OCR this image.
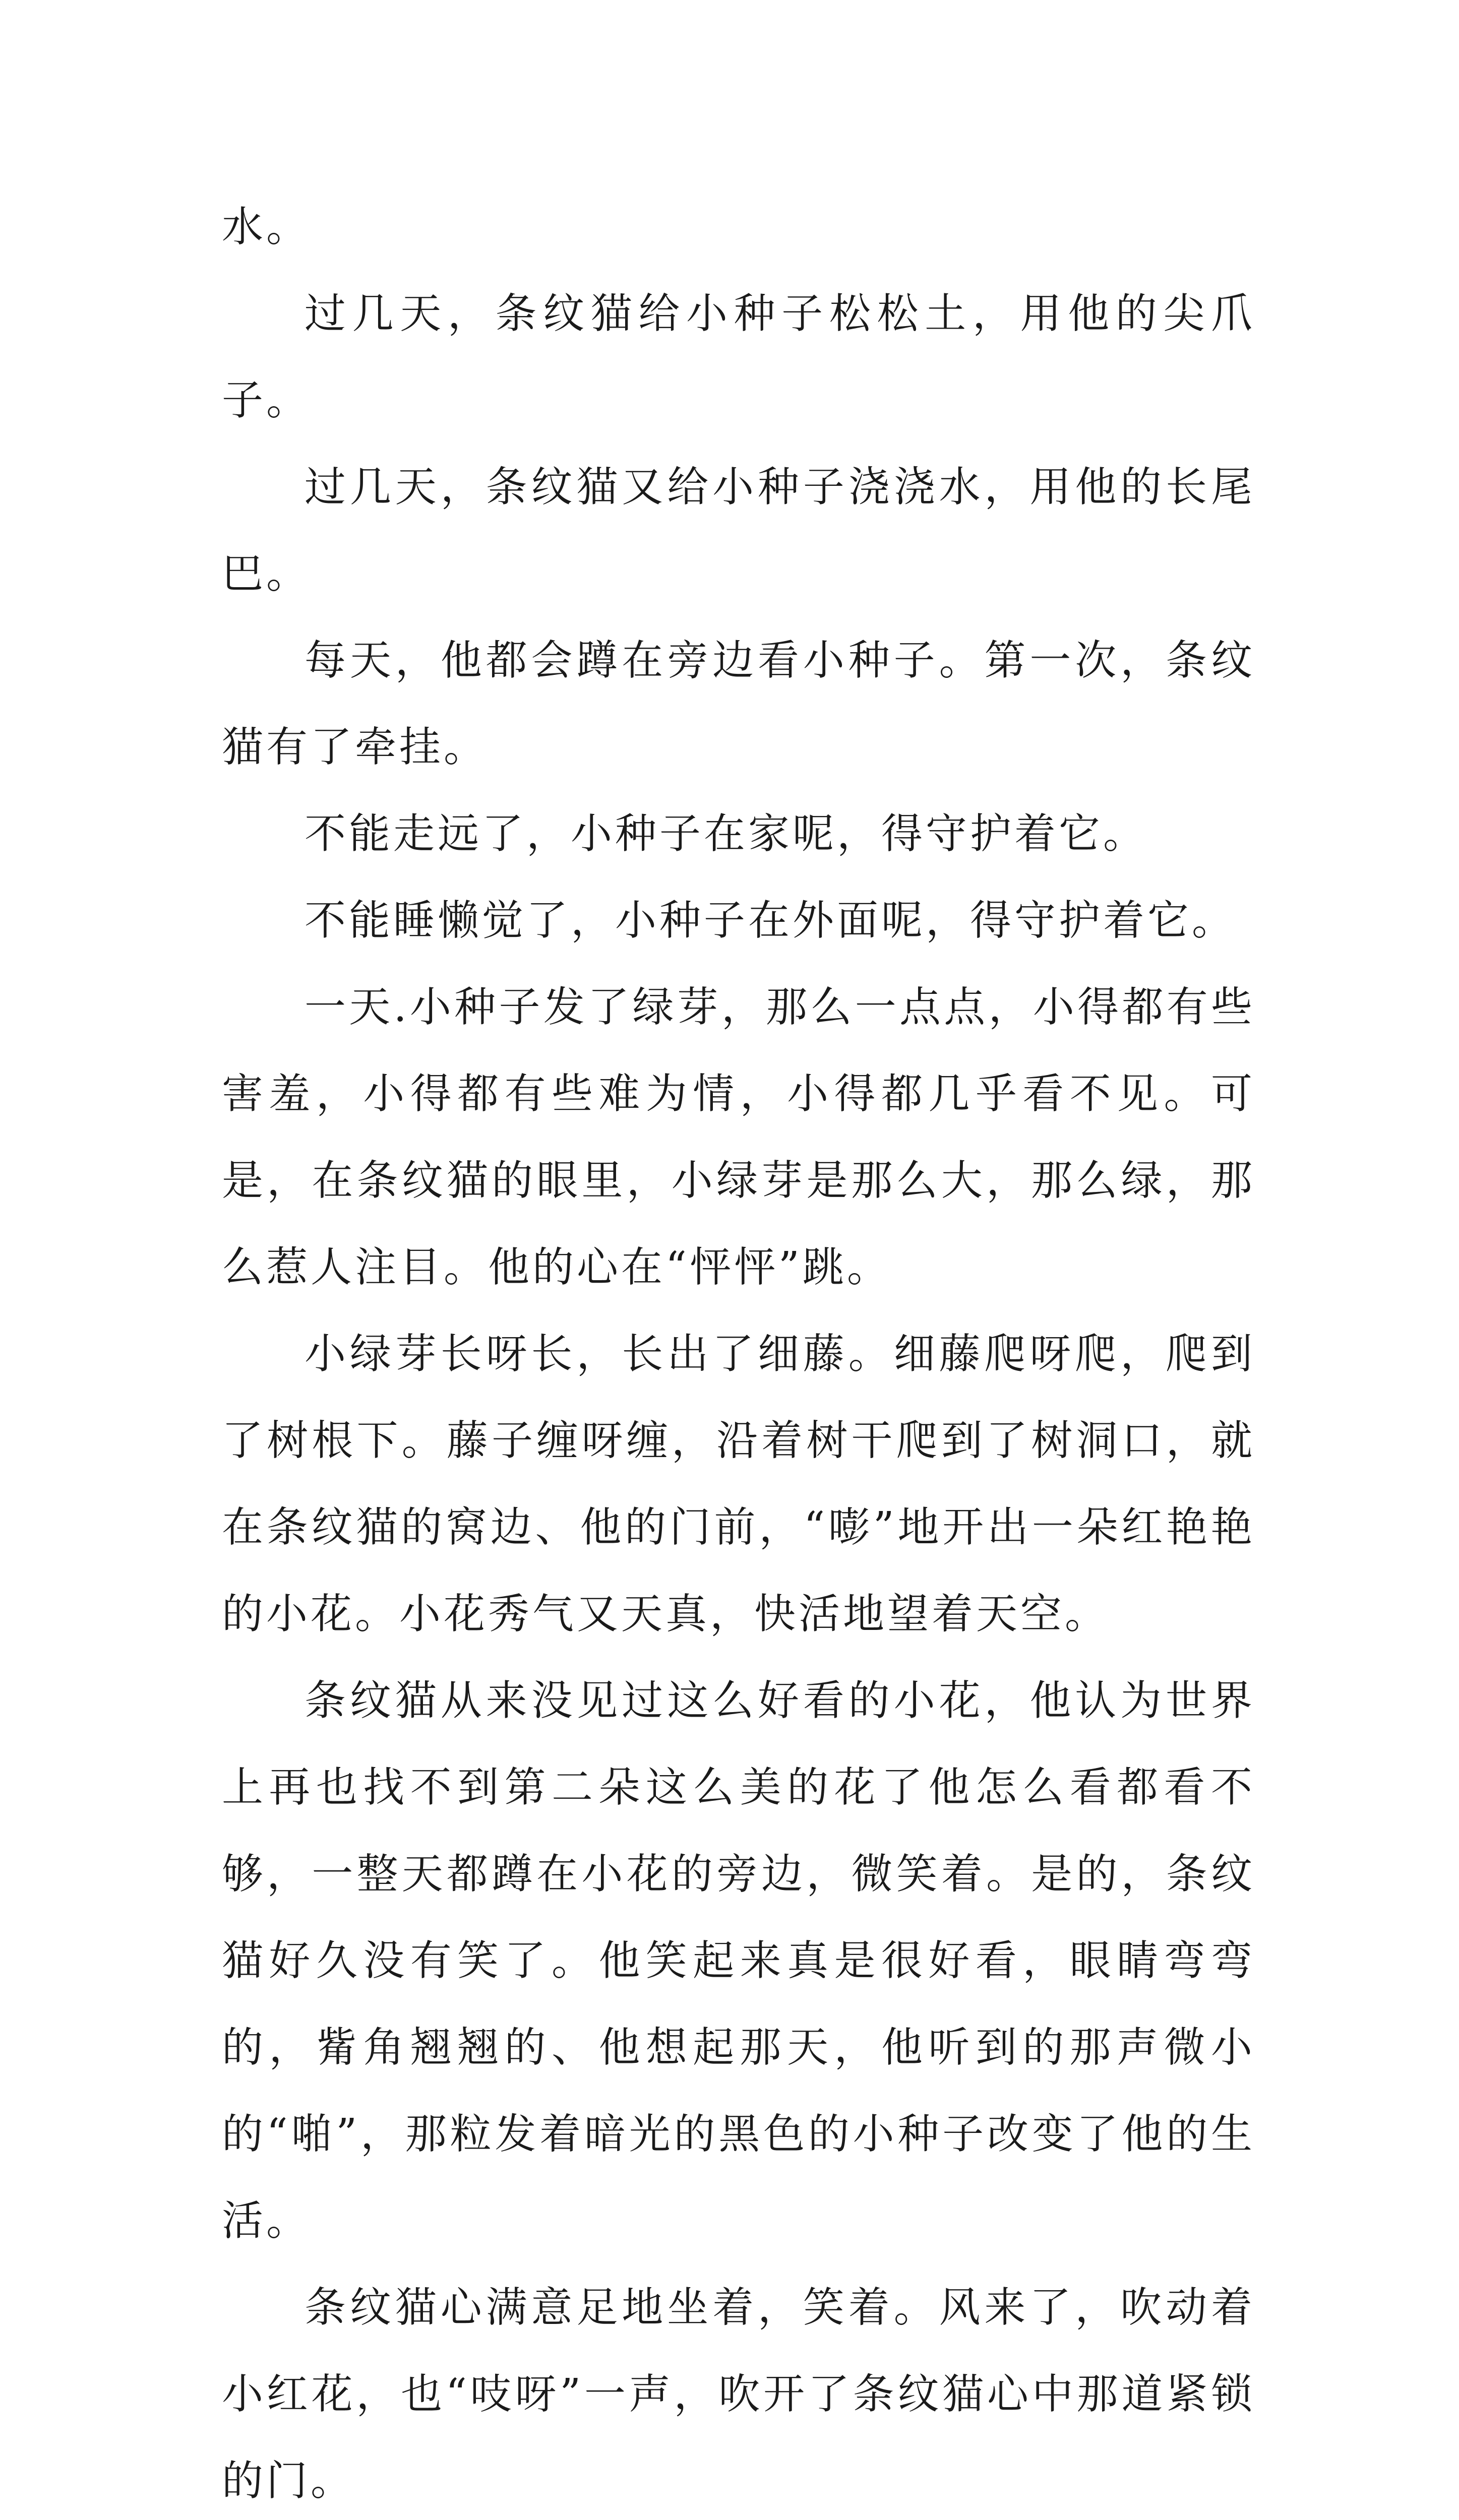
水。

过几天，条纹猫给小种子松松土，用他的尖爪子。

过几天，条纹猫又给小种子浇浇水，用他的长尾巴。

每天，他都会蹲在旁边看小种子。第一次，条纹猫有了牵挂。

不能走远了，小种子在家呢，得守护着它。

不能睡懒觉了，小种子在外面呢，得守护着它。

一天.小种子发了绿芽，那么一点点，小得都有些害羞，小得都有些难为情，小得都几乎看不见。可是，在条纹猫的眼里，小绿芽是那么大，那么绿，那么惹人注目。他的心在“怦怦”跳。

小绿芽长呀长，长出了细藤。细藤爬呀爬，爬到了树根下。藤子缠呀缠，沿着树干爬到了树洞口，就在条纹猫的窝边、他的门前，“嘭”地开出一朵红艳艳的小花。小花秀气又天真，快活地望着天空。

条纹猫从来没见过这么好看的小花，他认为世界上再也找不到第二朵这么美的花了他怎么看都看不够，一整天都蹲在小花的旁边，微笑着。是的，条纹猫好久没有笑了。他笑起来真是很好看，眼睛弯弯的，觜角翘翘的、他想起那天，他听到的那声微小的“啪”，那粒发着暗光的黑色的小种子改变了他的生活。

条纹猫心满意足地坐着，笑着。风来了，吹动着小红花，也“吱呀”一声，吹开了条纹猫心中那道紧锁的门。
